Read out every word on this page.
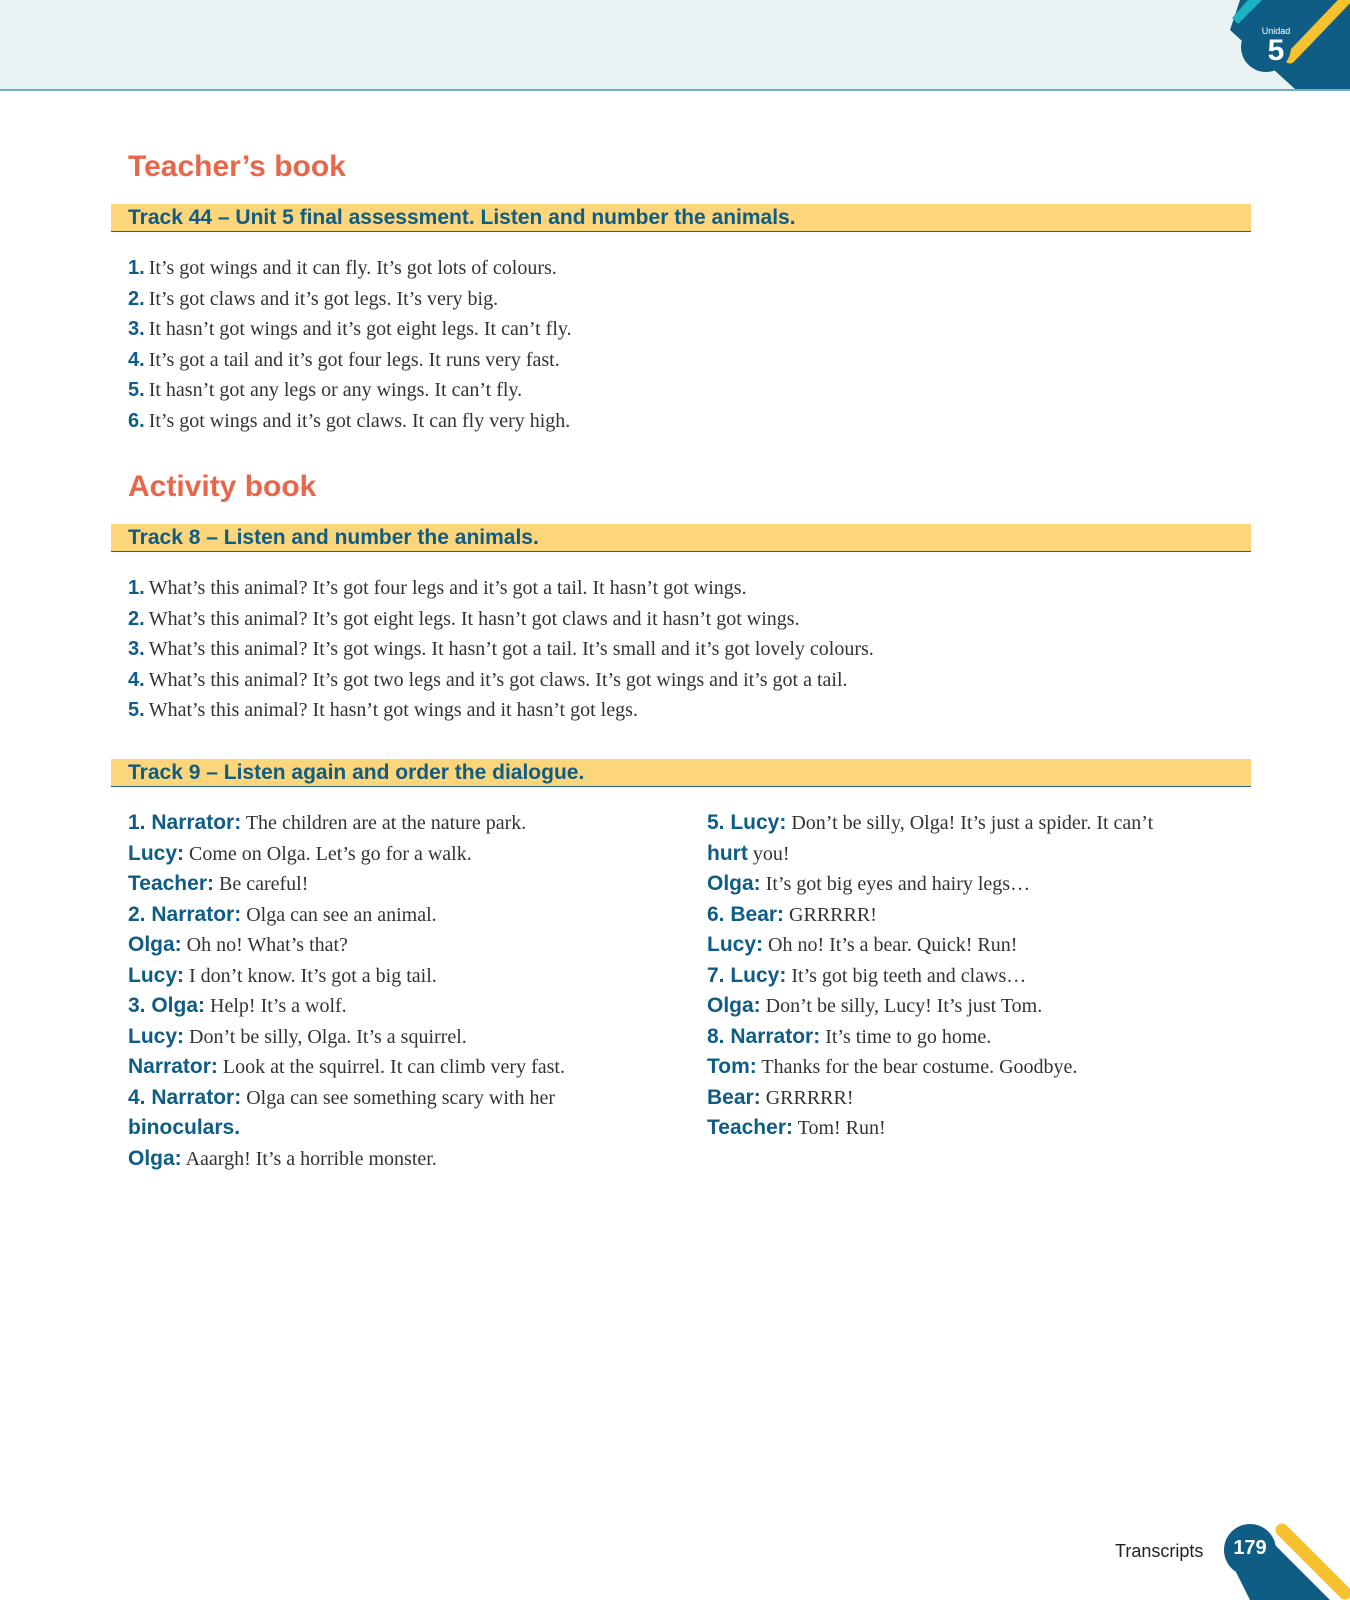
Unidad
5
Teacher’s book
Track 44 – Unit 5 final assessment. Listen and number the animals.
1. It’s got wings and it can fly. It’s got lots of colours.
2. It’s got claws and it’s got legs. It’s very big.
3. It hasn’t got wings and it’s got eight legs. It can’t fly.
4. It’s got a tail and it’s got four legs. It runs very fast.
5. It hasn’t got any legs or any wings. It can’t fly.
6. It’s got wings and it’s got claws. It can fly very high.
Activity book
Track 8 – Listen and number the animals.
1. What’s this animal? It’s got four legs and it’s got a tail. It hasn’t got wings.
2. What’s this animal? It’s got eight legs. It hasn’t got claws and it hasn’t got wings.
3. What’s this animal? It’s got wings. It hasn’t got a tail. It’s small and it’s got lovely colours.
4. What’s this animal? It’s got two legs and it’s got claws. It’s got wings and it’s got a tail.
5. What’s this animal? It hasn’t got wings and it hasn’t got legs.
Track 9 – Listen again and order the dialogue.
1. Narrator: The children are at the nature park.
Lucy: Come on Olga. Let’s go for a walk.
Teacher: Be careful!
2. Narrator: Olga can see an animal.
Olga: Oh no! What’s that?
Lucy: I don’t know. It’s got a big tail.
3. Olga: Help! It’s a wolf.
Lucy: Don’t be silly, Olga. It’s a squirrel.
Narrator: Look at the squirrel. It can climb very fast.
4. Narrator: Olga can see something scary with her
binoculars.
Olga: Aaargh! It’s a horrible monster.
5. Lucy: Don’t be silly, Olga! It’s just a spider. It can’t
hurt you!
Olga: It’s got big eyes and hairy legs…
6. Bear: GRRRRR!
Lucy: Oh no! It’s a bear. Quick! Run!
7. Lucy: It’s got big teeth and claws…
Olga: Don’t be silly, Lucy! It’s just Tom.
8. Narrator: It’s time to go home.
Tom: Thanks for the bear costume. Goodbye.
Bear: GRRRRR!
Teacher: Tom! Run!
Transcripts	179
